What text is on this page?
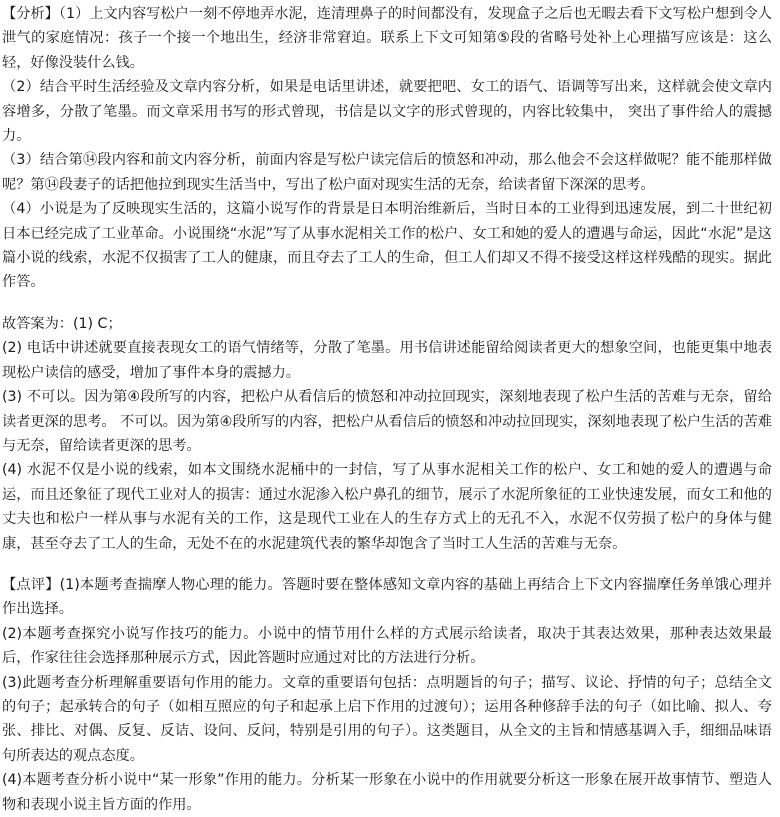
【分析】（1）上文内容写松户一刻不停地弄水泥，连清理鼻子的时间都没有，发现盒子之后也无暇去看下文写松户想到令人泄气的家庭情况：孩子一个接一个地出生，经济非常窘迫。联系上下文可知第⑤段的省略号处补上心理描写应该是：这么轻，好像没装什么钱。

（2）结合平时生活经验及文章内容分析，如果是电话里讲述，就要把吧、女工的语气、语调等写出来，这样就会使文章内容增多，分散了笔墨。而文章采用书写的形式曾现，书信是以文字的形式曾现的，内容比较集中， 突出了事件给人的震撼力。

（3）结合第⑭段内容和前文内容分析，前面内容是写松户读完信后的愤怒和冲动，那么他会不会这样做呢？能不能那样做呢？第⑭段妻子的话把他拉到现实生活当中，写出了松户面对现实生活的无奈，给读者留下深深的思考。

（4）小说是为了反映现实生活的，这篇小说写作的背景是日本明治维新后，当时日本的工业得到迅速发展，到二十世纪初日本已经完成了工业革命。小说围绕“水泥”写了从事水泥相关工作的松户、女工和她的爱人的遭遇与命运，因此“水泥”是这篇小说的线索，水泥不仅损害了工人的健康，而且夺去了工人的生命，但工人们却又不得不接受这样这样残酷的现实。据此作答。

故答案为：(1) C；

(2) 电话中讲述就要直接表现女工的语气情绪等，分散了笔墨。用书信讲述能留给阅读者更大的想象空间，也能更集中地表现松户读信的感受，增加了事件本身的震撼力。

(3) 不可以。因为第④段所写的内容，把松户从看信后的愤怒和冲动拉回现实，深刻地表现了松户生活的苦难与无奈，留给读者更深的思考。 不可以。因为第④段所写的内容，把松户从看信后的愤怒和冲动拉回现实，深刻地表现了松户生活的苦难与无奈，留给读者更深的思考。

(4) 水泥不仅是小说的线索，如本文围绕水泥桶中的一封信，写了从事水泥相关工作的松户、女工和她的爱人的遭遇与命运，而且还象征了现代工业对人的损害：通过水泥渗入松户鼻孔的细节，展示了水泥所象征的工业快速发展，而女工和他的丈夫也和松户一样从事与水泥有关的工作，这是现代工业在人的生存方式上的无孔不入，水泥不仅劳损了松户的身体与健康，甚至夺去了工人的生命，无处不在的水泥建筑代表的繁华却饱含了当时工人生活的苦难与无奈。

【点评】(1)本题考查揣摩人物心理的能力。答题时要在整体感知文章内容的基础上再结合上下文内容揣摩任务单饿心理并作出选择。

(2)本题考查探究小说写作技巧的能力。小说中的情节用什么样的方式展示给读者，取决于其表达效果，那种表达效果最后，作家往往会选择那种展示方式，因此答题时应通过对比的方法进行分析。

(3)此题考查分析理解重要语句作用的能力。文章的重要语句包括：点明题旨的句子；描写、议论、抒情的句子；总结全文的句子；起承转合的句子（如相互照应的句子和起承上启下作用的过渡句）；运用各种修辞手法的句子（如比喻、拟人、夸张、排比、对偶、反复、反诘、设问、反问，特别是引用的句子）。这类题目，从全文的主旨和情感基调入手，细细品味语句所表达的观点态度。

(4)本题考查分析小说中“某一形象”作用的能力。分析某一形象在小说中的作用就要分析这一形象在展开故事情节、塑造人物和表现小说主旨方面的作用。
